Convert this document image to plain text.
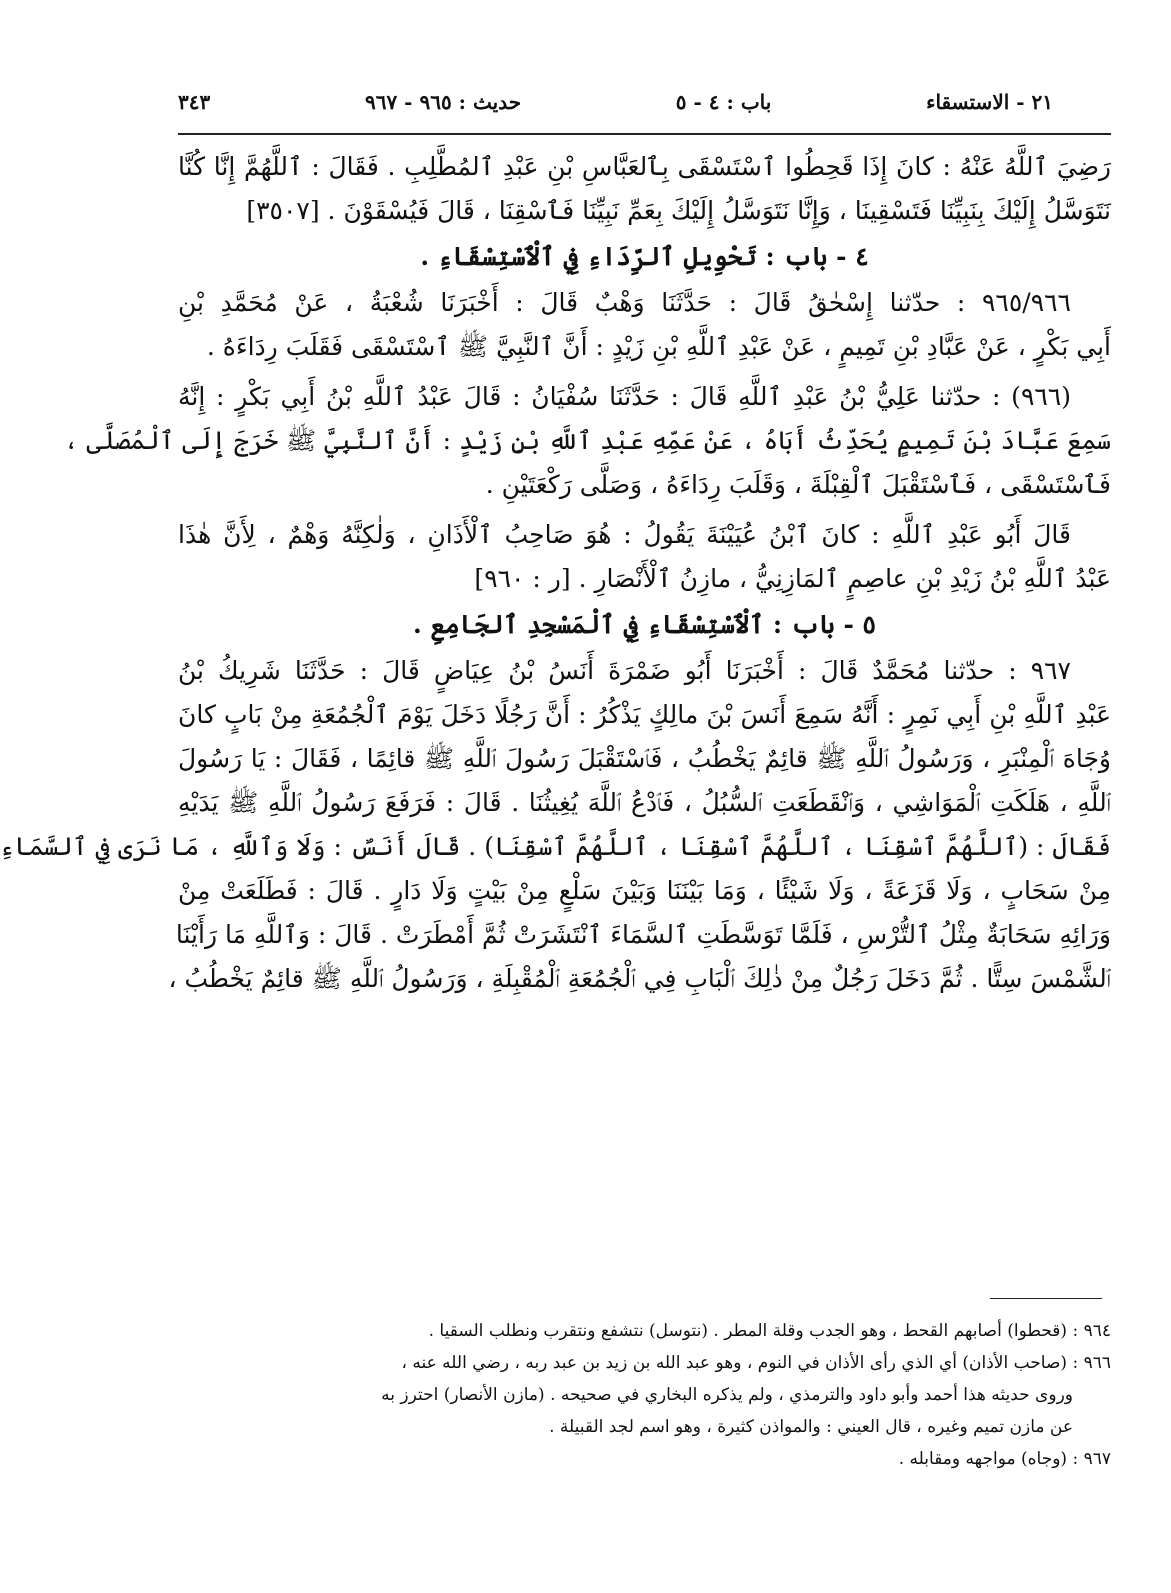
٢١ - الاستسقاء
باب : ٤ - ٥
حديث : ٩٦٥ - ٩٦٧
٣٤٣
رَضِيَ ٱللَّهُ عَنْهُ : كانَ إِذَا قَحِطُوا ٱسْتَسْقَى بِٱلعَبَّاسِ بْنِ عَبْدِ ٱلمُطَّلِبِ . فَقَالَ : ٱللَّهُمَّ إِنَّا كُنَّا
نَتَوَسَّلُ إِلَيْكَ بِنَبِيِّنَا فَتَسْقِينَا ، وَإِنَّا نَتَوَسَّلُ إِلَيْكَ بِعَمِّ نَبِيِّنَا فَٱسْقِنَا ، قَالَ فَيُسْقَوْنَ . [٣٥٠٧]
٤ - باب : تَحْوِيلِ ٱلرِّدَاءِ فِي ٱلْٱسْتِسْقَاءِ .
٩٦٥/٩٦٦ : حدّثنا إِسْحٰقُ قَالَ : حَدَّثَنَا وَهْبٌ قَالَ : أَخْبَرَنَا شُعْبَةُ ، عَنْ مُحَمَّدِ بْنِ
أَبِي بَكْرٍ ، عَنْ عَبَّادِ بْنِ تَمِيمٍ ، عَنْ عَبْدِ ٱللَّهِ بْنِ زَيْدٍ : أَنَّ ٱلنَّبِيَّ ﷺ ٱسْتَسْقَى فَقَلَبَ رِدَاءَهُ .
(٩٦٦) : حدّثنا عَلِيُّ بْنُ عَبْدِ ٱللَّهِ قَالَ : حَدَّثَنَا سُفْيَانُ : قَالَ عَبْدُ ٱللَّهِ بْنُ أَبِي بَكْرٍ : إِنَّهُ
سَمِعَ عَبَّادَ بْنَ تَمِيمٍ يُحَدِّثُ أَبَاهُ ، عَنْ عَمِّهِ عَبْدِ ٱللَّهِ بْنِ زَيْدٍ : أَنَّ ٱلنَّبِيَّ ﷺ خَرَجَ إِلَى ٱلْمُصَلَّى ،
فَٱسْتَسْقَى ، فَٱسْتَقْبَلَ ٱلْقِبْلَةَ ، وَقَلَبَ رِدَاءَهُ ، وَصَلَّى رَكْعَتَيْنِ .
قَالَ أَبُو عَبْدِ ٱللَّهِ : كانَ ٱبْنُ عُيَيْنَةَ يَقُولُ : هُوَ صَاحِبُ ٱلْأَذَانِ ، وَلٰكِنَّهُ وَهْمٌ ، لِأَنَّ هٰذَا
عَبْدُ ٱللَّهِ بْنُ زَيْدِ بْنِ عاصِمٍ ٱلمَازِنِيُّ ، مازِنُ ٱلْأَنْصَارِ . [ر : ٩٦٠]
٥ - باب : ٱلْٱسْتِسْقَاءِ فِي ٱلْمَسْجِدِ ٱلجَامِعِ .
٩٦٧ : حدّثنا مُحَمَّدٌ قَالَ : أَخْبَرَنَا أَبُو ضَمْرَةَ أَنَسُ بْنُ عِيَاضٍ قَالَ : حَدَّثَنَا شَرِيكُ بْنُ
عَبْدِ ٱللَّهِ بْنِ أَبِي نَمِرٍ : أَنَّهُ سَمِعَ أَنَسَ بْنَ مالِكٍ يَذْكُرُ : أَنَّ رَجُلًا دَخَلَ يَوْمَ ٱلْجُمُعَةِ مِنْ بَابٍ كانَ
وُجَاهَ ٱلْمِنْبَرِ ، وَرَسُولُ ٱللَّهِ ﷺ قائِمٌ يَخْطُبُ ، فَٱسْتَقْبَلَ رَسُولَ ٱللَّهِ ﷺ قائِمًا ، فَقَالَ : يَا رَسُولَ
ٱللَّهِ ، هَلَكَتِ ٱلْمَوَاشِي ، وَٱنْقَطَعَتِ ٱلسُّبُلُ ، فَٱدْعُ ٱللَّهَ يُغِيثُنَا . قَالَ : فَرَفَعَ رَسُولُ ٱللَّهِ ﷺ يَدَيْهِ
فَقَالَ : (ٱللَّهُمَّ ٱسْقِنَا ، ٱللَّهُمَّ ٱسْقِنَا ، ٱللَّهُمَّ ٱسْقِنَا) . قَالَ أَنَسٌ : وَلَا وَٱللَّهِ ، مَا نَرَى فِي ٱلسَّمَاءِ
مِنْ سَحَابٍ ، وَلَا قَزَعَةً ، وَلَا شَيْئًا ، وَمَا بَيْنَنَا وَبَيْنَ سَلْعٍ مِنْ بَيْتٍ وَلَا دَارٍ . قَالَ : فَطَلَعَتْ مِنْ
وَرَائِهِ سَحَابَةٌ مِثْلُ ٱلتُّرْسِ ، فَلَمَّا تَوَسَّطَتِ ٱلسَّمَاءَ ٱنْتَشَرَتْ ثُمَّ أَمْطَرَتْ . قَالَ : وَٱللَّهِ مَا رَأَيْنَا
ٱلشَّمْسَ سِتًّا . ثُمَّ دَخَلَ رَجُلٌ مِنْ ذٰلِكَ ٱلْبَابِ فِي ٱلْجُمُعَةِ ٱلْمُقْبِلَةِ ، وَرَسُولُ ٱللَّهِ ﷺ قائِمٌ يَخْطُبُ ،
٩٦٤ : (قحطوا) أصابهم القحط ، وهو الجدب وقلة المطر . (نتوسل) نتشفع ونتقرب ونطلب السقيا .
٩٦٦ : (صاحب الأذان) أي الذي رأى الأذان في النوم ، وهو عبد الله بن زيد بن عبد ربه ، رضي الله عنه ،
وروى حديثه هذا أحمد وأبو داود والترمذي ، ولم يذكره البخاري في صحيحه . (مازن الأنصار) احترز به
عن مازن تميم وغيره ، قال العيني : والمواذن كثيرة ، وهو اسم لجد القبيلة .
٩٦٧ : (وجاه) مواجهه ومقابله .
